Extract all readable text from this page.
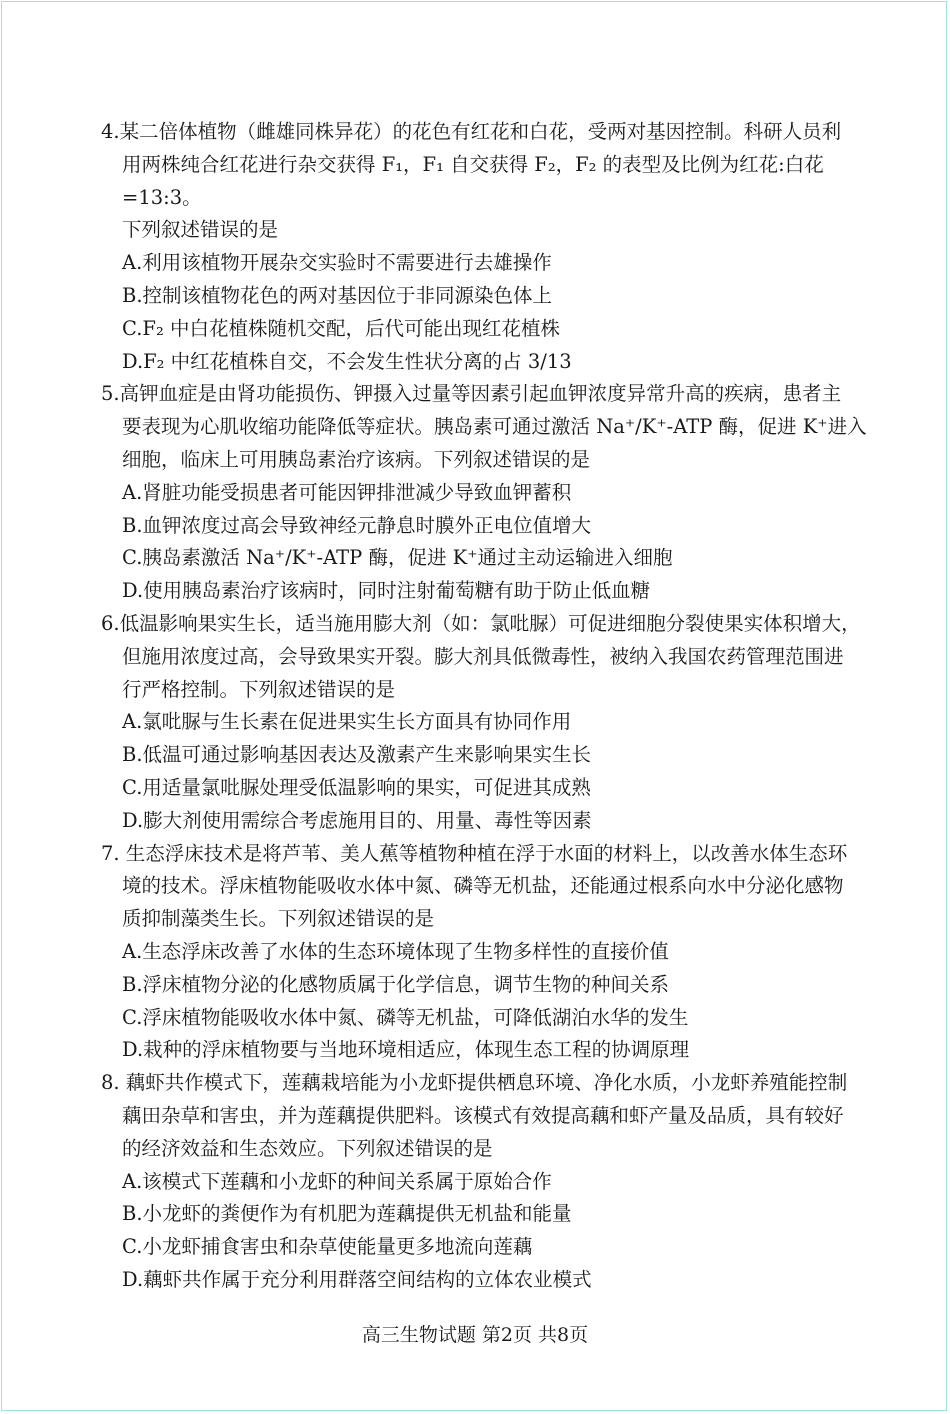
4.某二倍体植物（雌雄同株异花）的花色有红花和白花，受两对基因控制。科研人员利
用两株纯合红花进行杂交获得 F₁，F₁ 自交获得 F₂，F₂ 的表型及比例为红花:白花=13:3。
下列叙述错误的是
A.利用该植物开展杂交实验时不需要进行去雄操作
B.控制该植物花色的两对基因位于非同源染色体上
C.F₂ 中白花植株随机交配，后代可能出现红花植株
D.F₂ 中红花植株自交，不会发生性状分离的占 3/13
5.高钾血症是由肾功能损伤、钾摄入过量等因素引起血钾浓度异常升高的疾病，患者主
要表现为心肌收缩功能降低等症状。胰岛素可通过激活 Na⁺/K⁺-ATP 酶，促进 K⁺进入
细胞，临床上可用胰岛素治疗该病。下列叙述错误的是
A.肾脏功能受损患者可能因钾排泄减少导致血钾蓄积
B.血钾浓度过高会导致神经元静息时膜外正电位值增大
C.胰岛素激活 Na⁺/K⁺-ATP 酶，促进 K⁺通过主动运输进入细胞
D.使用胰岛素治疗该病时，同时注射葡萄糖有助于防止低血糖
6.低温影响果实生长，适当施用膨大剂（如：氯吡脲）可促进细胞分裂使果实体积增大，
但施用浓度过高，会导致果实开裂。膨大剂具低微毒性，被纳入我国农药管理范围进
行严格控制。下列叙述错误的是
A.氯吡脲与生长素在促进果实生长方面具有协同作用
B.低温可通过影响基因表达及激素产生来影响果实生长
C.用适量氯吡脲处理受低温影响的果实，可促进其成熟
D.膨大剂使用需综合考虑施用目的、用量、毒性等因素
7. 生态浮床技术是将芦苇、美人蕉等植物种植在浮于水面的材料上，以改善水体生态环
境的技术。浮床植物能吸收水体中氮、磷等无机盐，还能通过根系向水中分泌化感物
质抑制藻类生长。下列叙述错误的是
A.生态浮床改善了水体的生态环境体现了生物多样性的直接价值
B.浮床植物分泌的化感物质属于化学信息，调节生物的种间关系
C.浮床植物能吸收水体中氮、磷等无机盐，可降低湖泊水华的发生
D.栽种的浮床植物要与当地环境相适应，体现生态工程的协调原理
8. 藕虾共作模式下，莲藕栽培能为小龙虾提供栖息环境、净化水质，小龙虾养殖能控制
藕田杂草和害虫，并为莲藕提供肥料。该模式有效提高藕和虾产量及品质，具有较好
的经济效益和生态效应。下列叙述错误的是
A.该模式下莲藕和小龙虾的种间关系属于原始合作
B.小龙虾的粪便作为有机肥为莲藕提供无机盐和能量
C.小龙虾捕食害虫和杂草使能量更多地流向莲藕
D.藕虾共作属于充分利用群落空间结构的立体农业模式
高三生物试题 第2页 共8页
